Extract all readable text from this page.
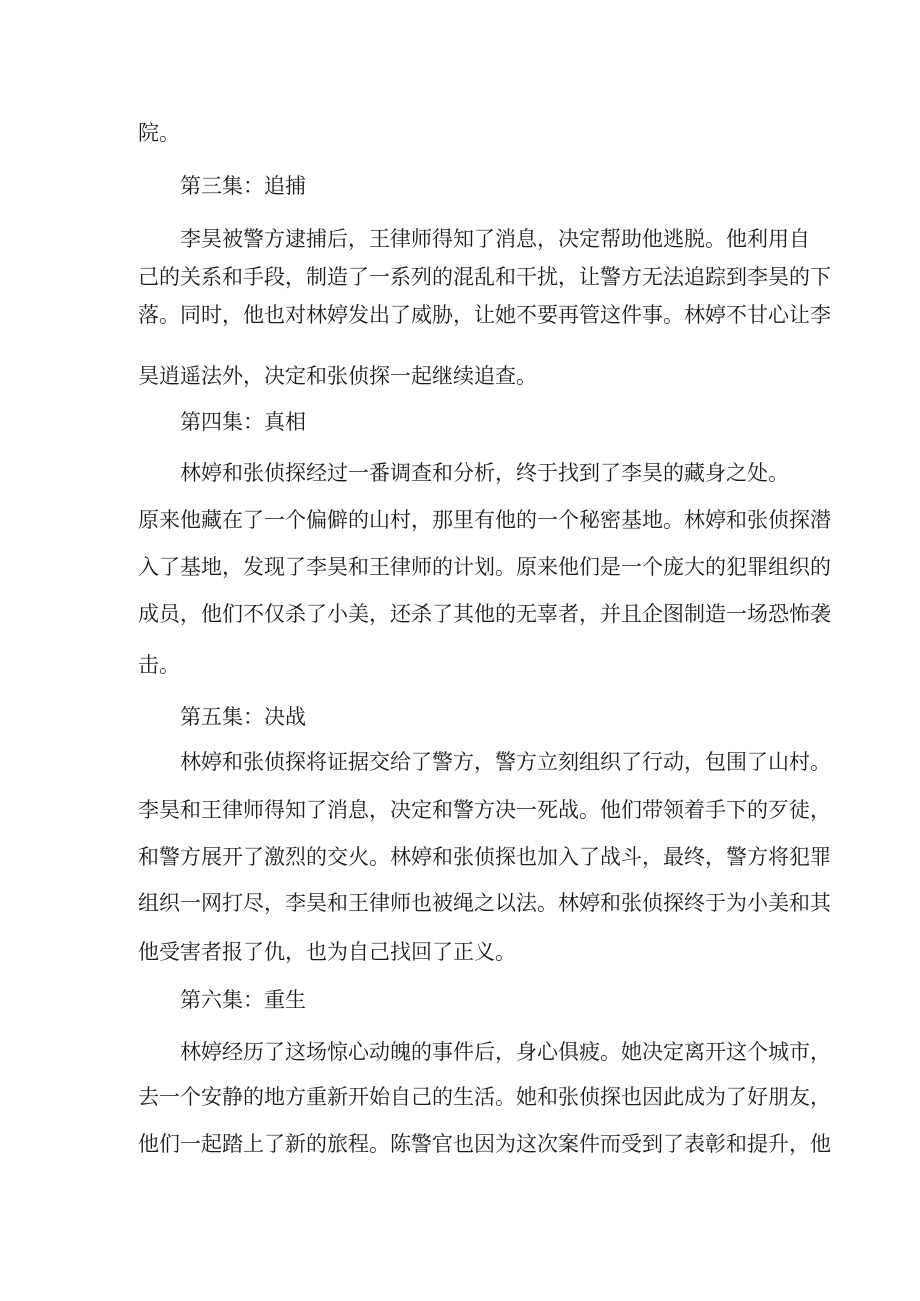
院。

第三集：追捕

李昊被警方逮捕后，王律师得知了消息，决定帮助他逃脱。他利用自

己的关系和手段，制造了一系列的混乱和干扰，让警方无法追踪到李昊的下

落。同时，他也对林婷发出了威胁，让她不要再管这件事。林婷不甘心让李

昊逍遥法外，决定和张侦探一起继续追查。

第四集：真相

林婷和张侦探经过一番调查和分析，终于找到了李昊的藏身之处。

原来他藏在了一个偏僻的山村，那里有他的一个秘密基地。林婷和张侦探潜

入了基地，发现了李昊和王律师的计划。原来他们是一个庞大的犯罪组织的

成员，他们不仅杀了小美，还杀了其他的无辜者，并且企图制造一场恐怖袭

击。

第五集：决战

林婷和张侦探将证据交给了警方，警方立刻组织了行动，包围了山村。

李昊和王律师得知了消息，决定和警方决一死战。他们带领着手下的歹徒，

和警方展开了激烈的交火。林婷和张侦探也加入了战斗，最终，警方将犯罪

组织一网打尽，李昊和王律师也被绳之以法。林婷和张侦探终于为小美和其

他受害者报了仇，也为自己找回了正义。

第六集：重生

林婷经历了这场惊心动魄的事件后，身心俱疲。她决定离开这个城市，

去一个安静的地方重新开始自己的生活。她和张侦探也因此成为了好朋友，

他们一起踏上了新的旅程。陈警官也因为这次案件而受到了表彰和提升，他
